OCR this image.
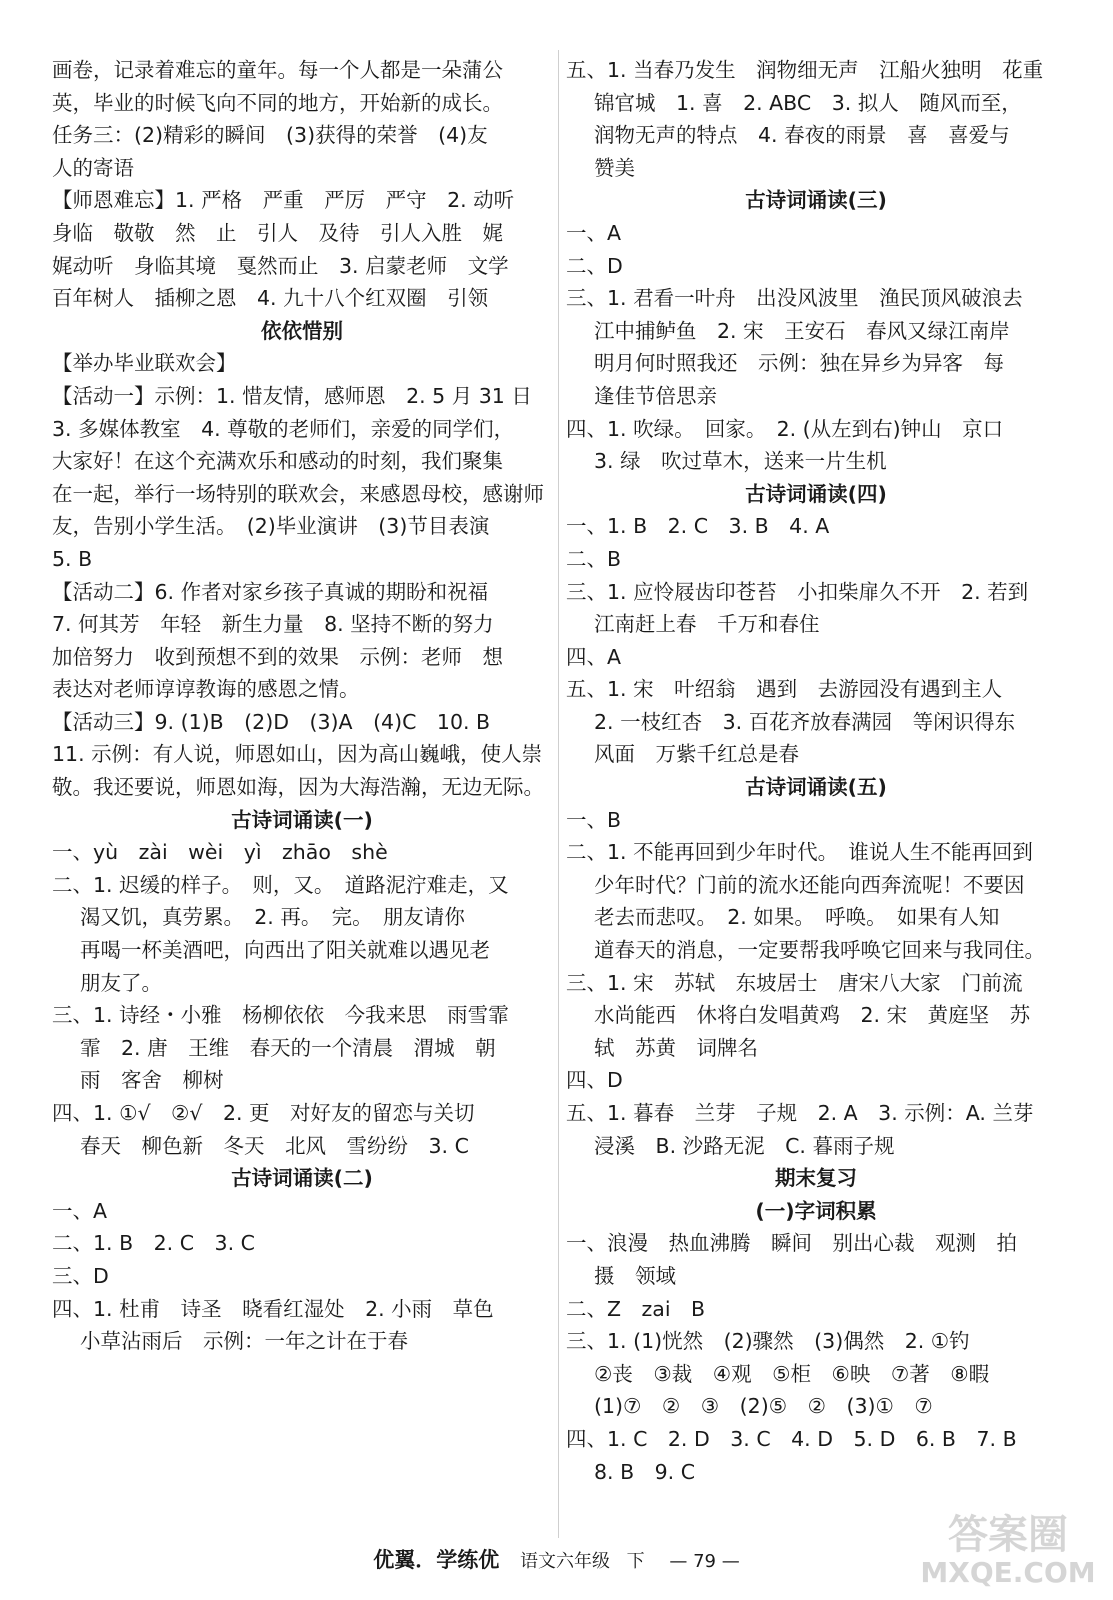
画卷，记录着难忘的童年。每一个人都是一朵蒲公
英，毕业的时候飞向不同的地方，开始新的成长。
任务三：(2)精彩的瞬间　(3)获得的荣誉　(4)友
人的寄语
【师恩难忘】1. 严格　严重　严厉　严守　2. 动听
身临　敬敬　然　止　引人　及待　引人入胜　娓
娓动听　身临其境　戛然而止　3. 启蒙老师　文学
百年树人　插柳之恩　4. 九十八个红双圈　引领
依依惜别
【举办毕业联欢会】
【活动一】示例：1. 惜友情，感师恩　2. 5 月 31 日
3. 多媒体教室　4. 尊敬的老师们，亲爱的同学们，
大家好！在这个充满欢乐和感动的时刻，我们聚集
在一起，举行一场特别的联欢会，来感恩母校，感谢师
友，告别小学生活。　(2)毕业演讲　(3)节目表演
5. B
【活动二】6. 作者对家乡孩子真诚的期盼和祝福
7. 何其芳　年轻　新生力量　8. 坚持不断的努力
加倍努力　收到预想不到的效果　示例：老师　想
表达对老师谆谆教诲的感恩之情。
【活动三】9. (1)B　(2)D　(3)A　(4)C　10. B
11. 示例：有人说，师恩如山，因为高山巍峨，使人崇
敬。我还要说，师恩如海，因为大海浩瀚，无边无际。
古诗词诵读(一)
一、yù　zài　wèi　yì　zhāo　shè
二、1. 迟缓的样子。　则，又。　道路泥泞难走，又
渴又饥，真劳累。　2. 再。　完。　朋友请你
再喝一杯美酒吧，向西出了阳关就难以遇见老
朋友了。
三、1. 诗经・小雅　杨柳依依　今我来思　雨雪霏
霏　2. 唐　王维　春天的一个清晨　渭城　朝
雨　客舍　柳树
四、1. ①√　②√　2. 更　对好友的留恋与关切
春天　柳色新　冬天　北风　雪纷纷　3. C
古诗词诵读(二)
一、A
二、1. B　2. C　3. C
三、D
四、1. 杜甫　诗圣　晓看红湿处　2. 小雨　草色
小草沾雨后　示例：一年之计在于春
五、1. 当春乃发生　润物细无声　江船火独明　花重
锦官城　1. 喜　2. ABC　3. 拟人　随风而至，
润物无声的特点　4. 春夜的雨景　喜　喜爱与
赞美
古诗词诵读(三)
一、A
二、D
三、1. 君看一叶舟　出没风波里　渔民顶风破浪去
江中捕鲈鱼　2. 宋　王安石　春风又绿江南岸
明月何时照我还　示例：独在异乡为异客　每
逢佳节倍思亲
四、1. 吹绿。　回家。　2. (从左到右)钟山　京口
3. 绿　吹过草木，送来一片生机
古诗词诵读(四)
一、1. B　2. C　3. B　4. A
二、B
三、1. 应怜屐齿印苍苔　小扣柴扉久不开　2. 若到
江南赶上春　千万和春住
四、A
五、1. 宋　叶绍翁　遇到　去游园没有遇到主人
2. 一枝红杏　3. 百花齐放春满园　等闲识得东
风面　万紫千红总是春
古诗词诵读(五)
一、B
二、1. 不能再回到少年时代。　谁说人生不能再回到
少年时代？门前的流水还能向西奔流呢！不要因
老去而悲叹。　2. 如果。　呼唤。　如果有人知
道春天的消息，一定要帮我呼唤它回来与我同住。
三、1. 宋　苏轼　东坡居士　唐宋八大家　门前流
水尚能西　休将白发唱黄鸡　2. 宋　黄庭坚　苏
轼　苏黄　词牌名
四、D
五、1. 暮春　兰芽　子规　2. A　3. 示例：A. 兰芽
浸溪　B. 沙路无泥　C. 暮雨子规
期末复习
(一)字词积累
一、浪漫　热血沸腾　瞬间　别出心裁　观测　拍
摄　领域
二、Z　zai　B
三、1. (1)恍然　(2)骤然　(3)偶然　2. ①钓
②丧　③裁　④观　⑤柜　⑥映　⑦著　⑧暇
(1)⑦　②　③　(2)⑤　②　(3)①　⑦
四、1. C　2. D　3. C　4. D　5. D　6. B　7. B
8. B　9. C
优翼．学练优 语文六年级 下 — 79 —
答案圈
MXQE.COM
